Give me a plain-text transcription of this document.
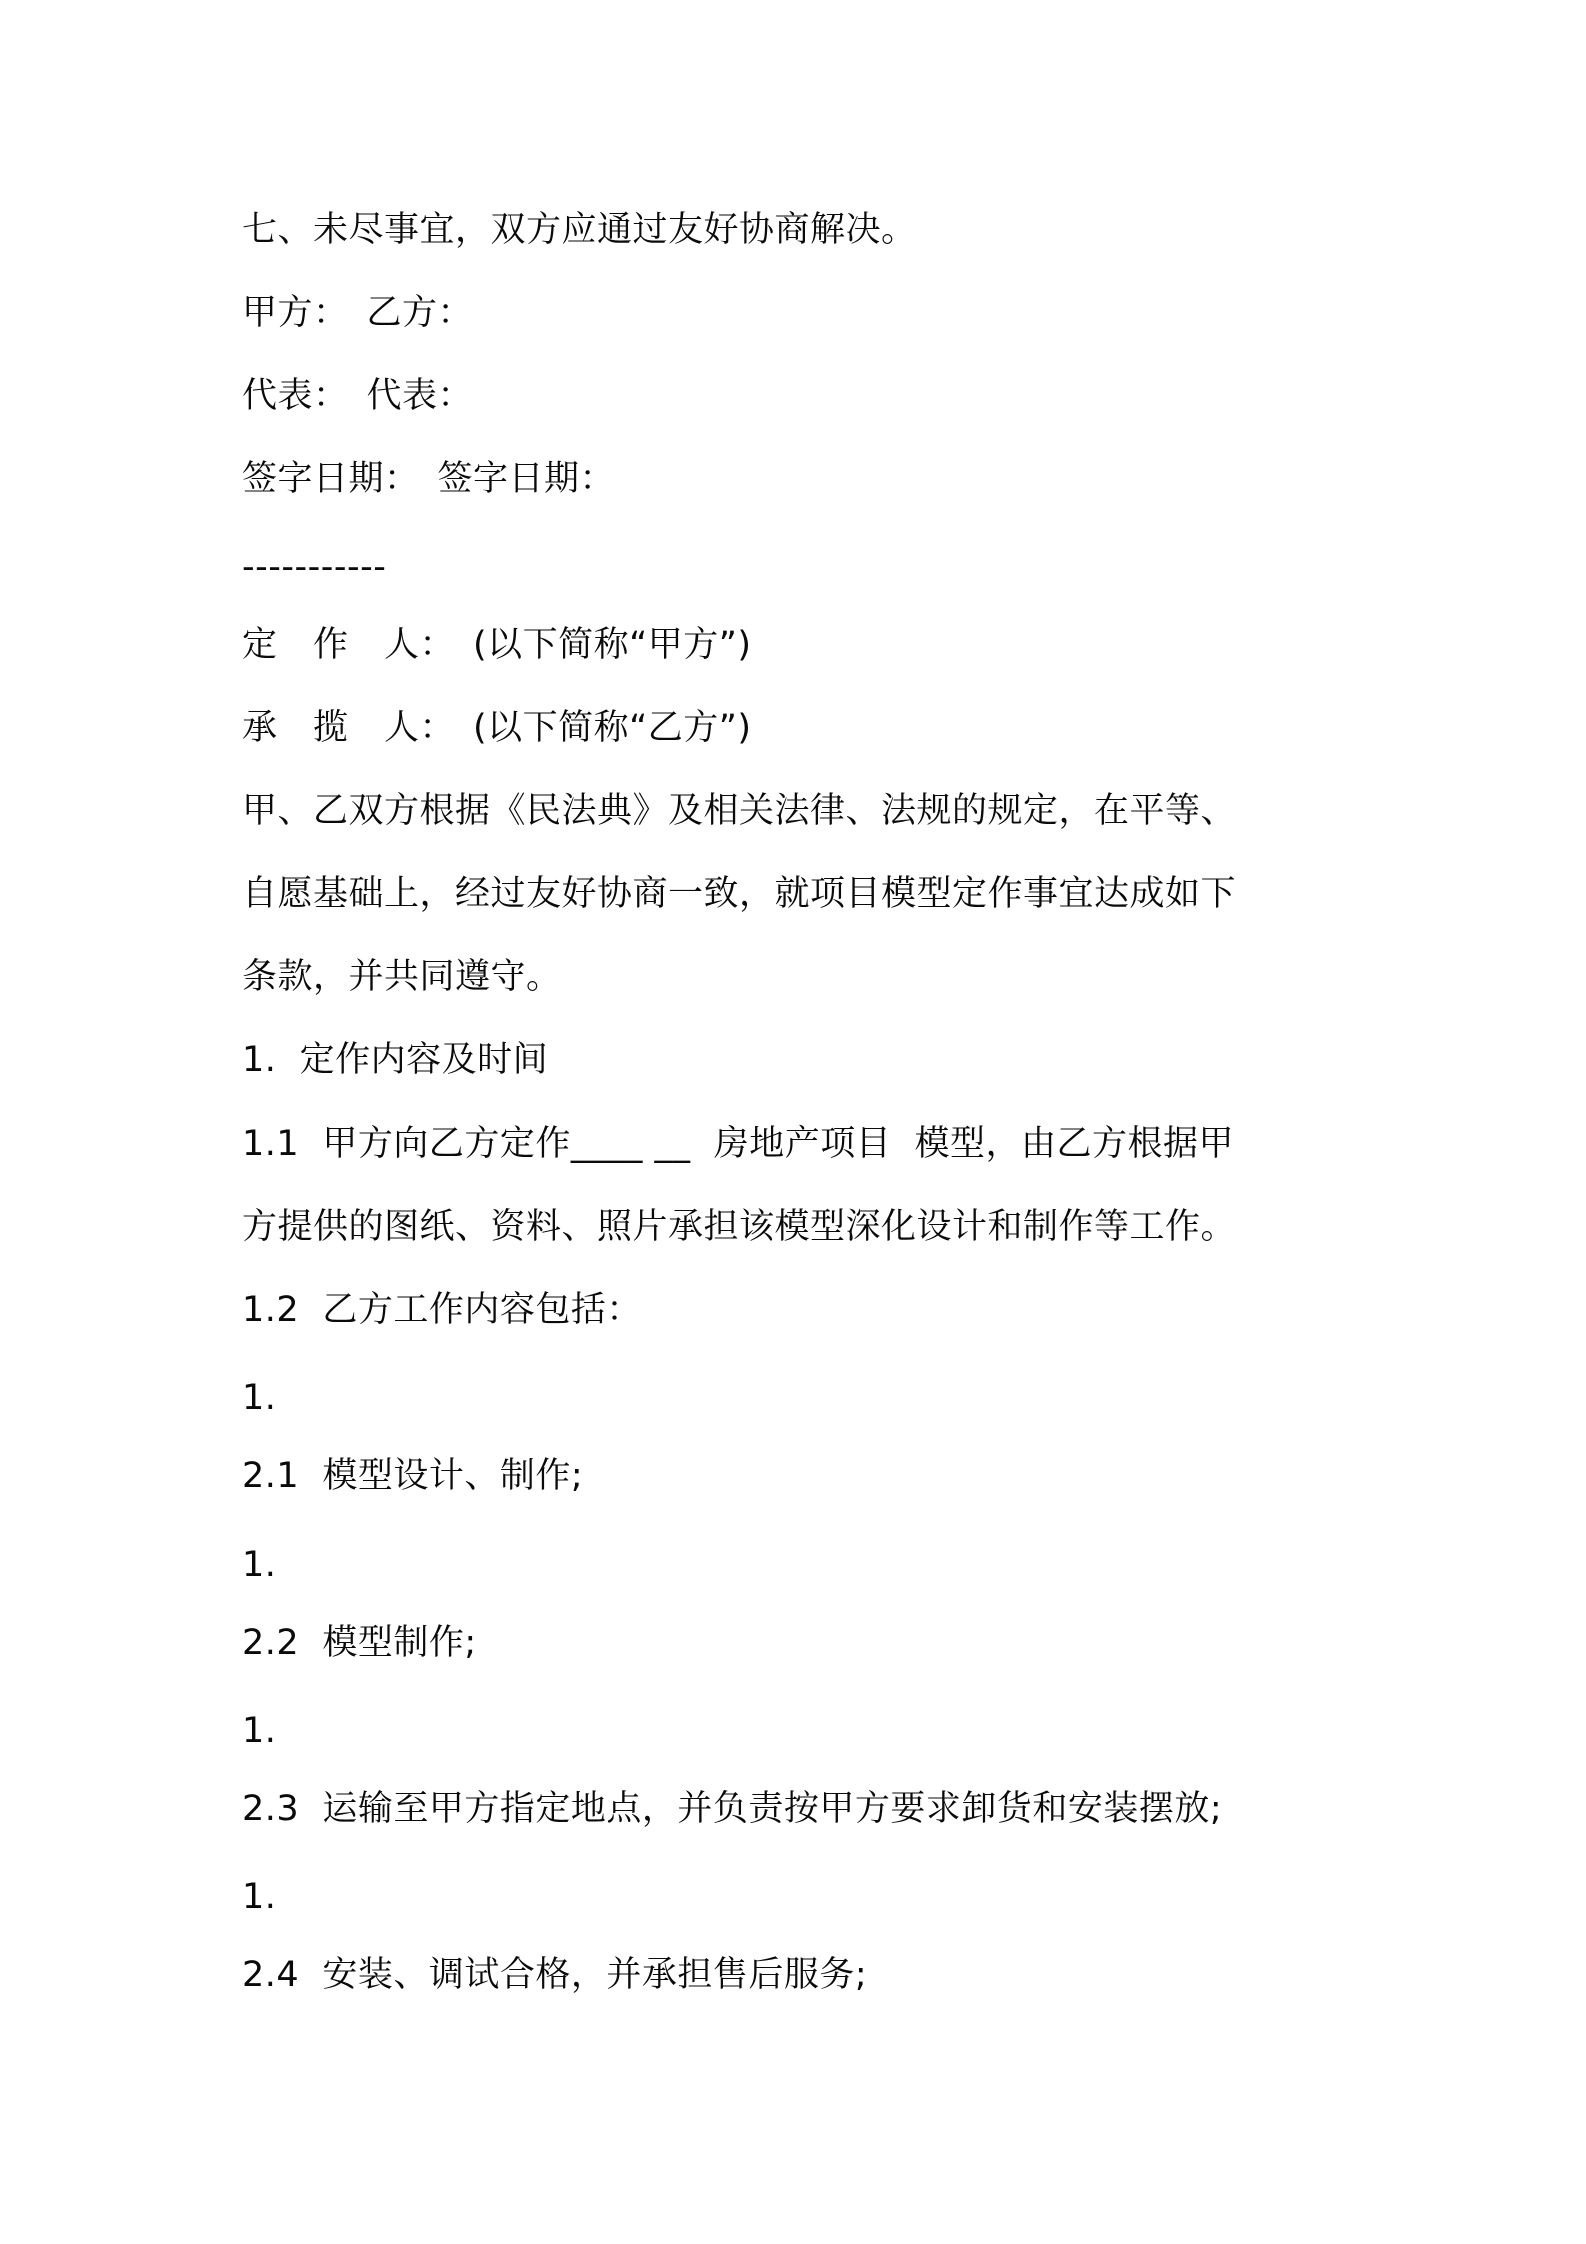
七、未尽事宜，双方应通过友好协商解决。
甲方：　乙方：
代表：　代表：
签字日期：　签字日期：
-----------
定　作　人：　(以下简称“甲方”)
承　揽　人：　(以下简称“乙方”)
甲、乙双方根据《民法典》及相关法律、法规的规定，在平等、
自愿基础上，经过友好协商一致，就项目模型定作事宜达成如下
条款，并共同遵守。
1.  定作内容及时间
1.1  甲方向乙方定作____ __  房地产项目  模型，由乙方根据甲
方提供的图纸、资料、照片承担该模型深化设计和制作等工作。
1.2  乙方工作内容包括：
1.
2.1  模型设计、制作;
1.
2.2  模型制作;
1.
2.3  运输至甲方指定地点，并负责按甲方要求卸货和安装摆放;
1.
2.4  安装、调试合格，并承担售后服务;
